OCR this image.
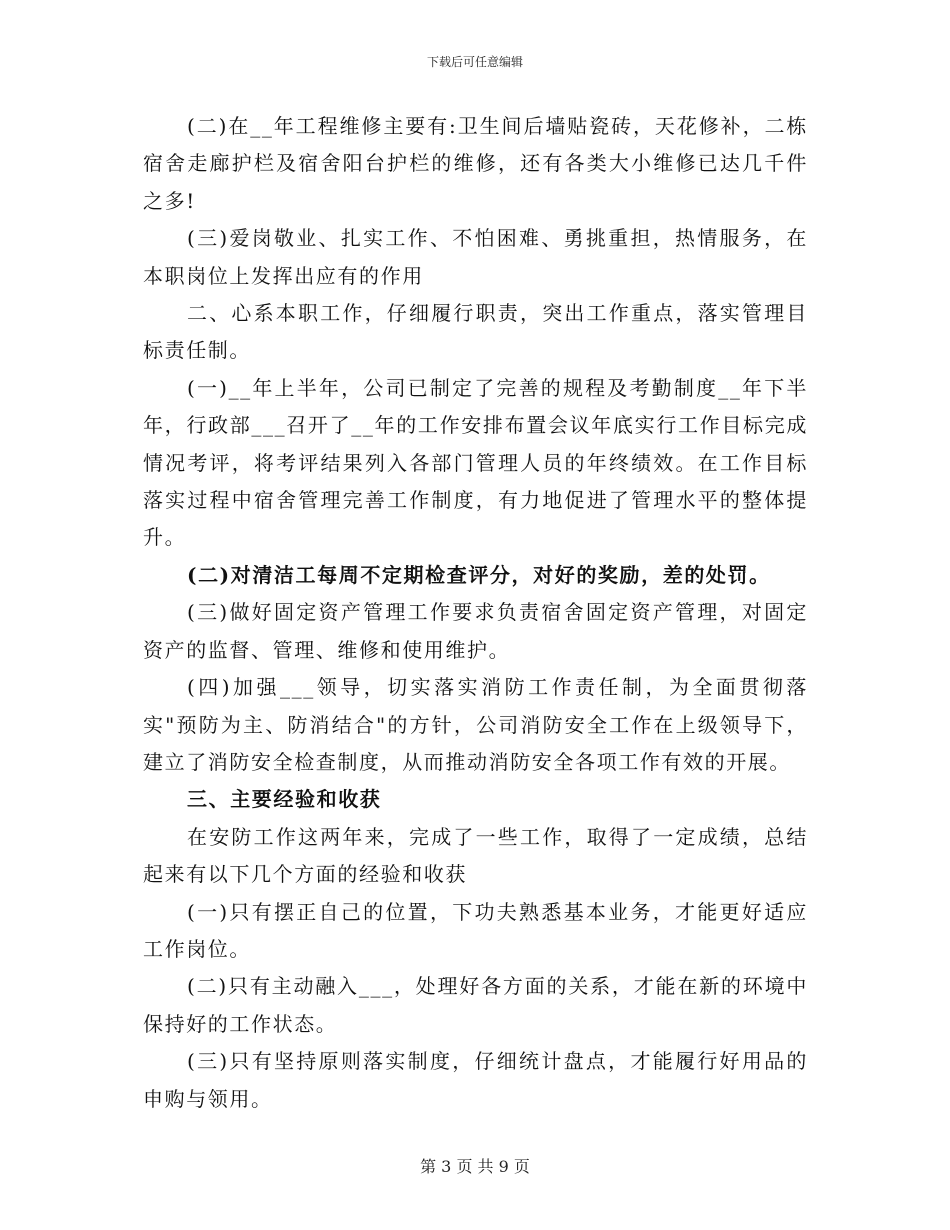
下载后可任意编辑

(二)在__年工程维修主要有:卫生间后墙贴瓷砖，天花修补，二栋宿舍走廊护栏及宿舍阳台护栏的维修，还有各类大小维修已达几千件之多!

(三)爱岗敬业、扎实工作、不怕困难、勇挑重担，热情服务，在本职岗位上发挥出应有的作用

二、心系本职工作，仔细履行职责，突出工作重点，落实管理目标责任制。

(一)__年上半年，公司已制定了完善的规程及考勤制度__年下半年，行政部___召开了__年的工作安排布置会议年底实行工作目标完成情况考评，将考评结果列入各部门管理人员的年终绩效。在工作目标落实过程中宿舍管理完善工作制度，有力地促进了管理水平的整体提升。

(二)对清洁工每周不定期检查评分，对好的奖励，差的处罚。

(三)做好固定资产管理工作要求负责宿舍固定资产管理，对固定资产的监督、管理、维修和使用维护。

(四)加强___领导，切实落实消防工作责任制，为全面贯彻落实"预防为主、防消结合"的方针，公司消防安全工作在上级领导下，建立了消防安全检查制度，从而推动消防安全各项工作有效的开展。

三、主要经验和收获

在安防工作这两年来，完成了一些工作，取得了一定成绩，总结起来有以下几个方面的经验和收获

(一)只有摆正自己的位置，下功夫熟悉基本业务，才能更好适应工作岗位。

(二)只有主动融入___，处理好各方面的关系，才能在新的环境中保持好的工作状态。

(三)只有坚持原则落实制度，仔细统计盘点，才能履行好用品的申购与领用。

第 3 页 共 9 页
